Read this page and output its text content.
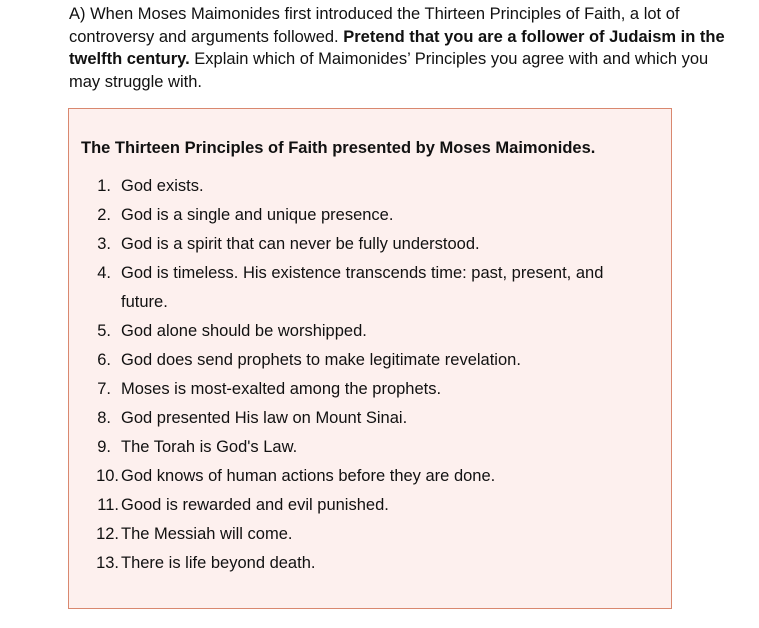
A) When Moses Maimonides first introduced the Thirteen Principles of Faith, a lot of controversy and arguments followed. Pretend that you are a follower of Judaism in the twelfth century. Explain which of Maimonides’ Principles you agree with and which you may struggle with.
The Thirteen Principles of Faith presented by Moses Maimonides.
1. God exists.
2. God is a single and unique presence.
3. God is a spirit that can never be fully understood.
4. God is timeless. His existence transcends time: past, present, and future.
5. God alone should be worshipped.
6. God does send prophets to make legitimate revelation.
7. Moses is most-exalted among the prophets.
8. God presented His law on Mount Sinai.
9. The Torah is God's Law.
10. God knows of human actions before they are done.
11. Good is rewarded and evil punished.
12. The Messiah will come.
13. There is life beyond death.
